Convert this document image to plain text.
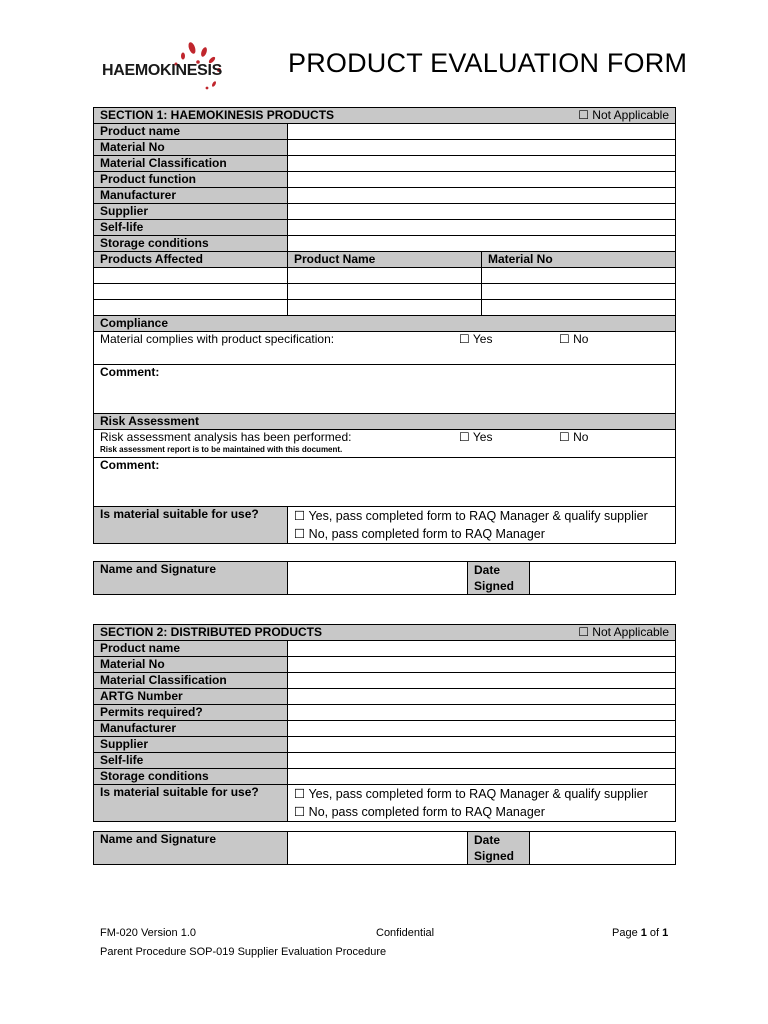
HAEMOKINESIS PRODUCT EVALUATION FORM
SECTION 1: HAEMOKINESIS PRODUCTS ☐ Not Applicable		

Product name		
Material No		
Material Classification		
Product function		
Manufacturer		
Supplier		
Self-life		
Storage conditions		
Products Affected	Product Name	Material No

Compliance		

Material complies with product specification: ☐ Yes ☐ No		

Comment:		
Risk Assessment		

Risk assessment analysis has been performed: ☐ Yes ☐ No
Risk assessment report is to be maintained with this document.		

Comment:		
Is material suitable for use?	☐ Yes, pass completed form to RAQ Manager & qualify supplier
☐ No, pass completed form to RAQ Manager	
Name and Signature		Date
Signed

SECTION 2: DISTRIBUTED PRODUCTS ☐ Not Applicable	

Product name	
Material No	
Material Classification	
ARTG Number	
Permits required?	
Manufacturer	
Supplier	
Self-life	
Storage conditions	
Is material suitable for use?	☐ Yes, pass completed form to RAQ Manager & qualify supplier
☐ No, pass completed form to RAQ Manager
Name and Signature		Date
Signed

FM-020 Version 1.0	Confidential	Page 1 of 1
Parent Procedure SOP-019 Supplier Evaluation Procedure
